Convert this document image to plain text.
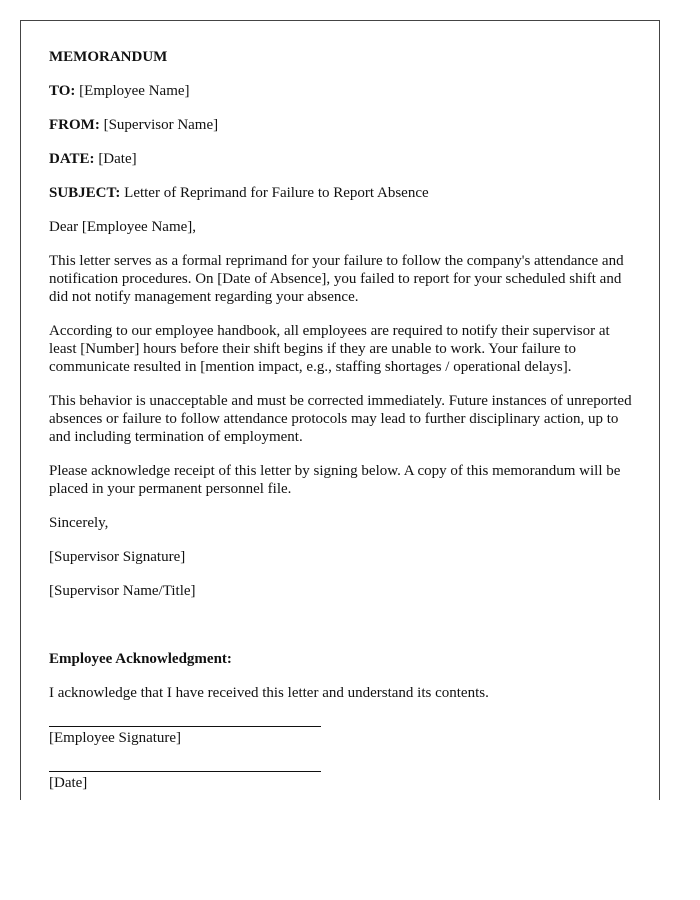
MEMORANDUM
TO: [Employee Name]
FROM: [Supervisor Name]
DATE: [Date]
SUBJECT: Letter of Reprimand for Failure to Report Absence

Dear [Employee Name],

This letter serves as a formal reprimand for your failure to follow the company's attendance and notification procedures. On [Date of Absence], you failed to report for your scheduled shift and did not notify management regarding your absence.

According to our employee handbook, all employees are required to notify their supervisor at least [Number] hours before their shift begins if they are unable to work. Your failure to communicate resulted in [mention impact, e.g., staffing shortages / operational delays].

This behavior is unacceptable and must be corrected immediately. Future instances of unreported absences or failure to follow attendance protocols may lead to further disciplinary action, up to and including termination of employment.

Please acknowledge receipt of this letter by signing below. A copy of this memorandum will be placed in your permanent personnel file.

Sincerely,

[Supervisor Signature]

[Supervisor Name/Title]

Employee Acknowledgment:

I acknowledge that I have received this letter and understand its contents.

[Employee Signature]
[Date]
